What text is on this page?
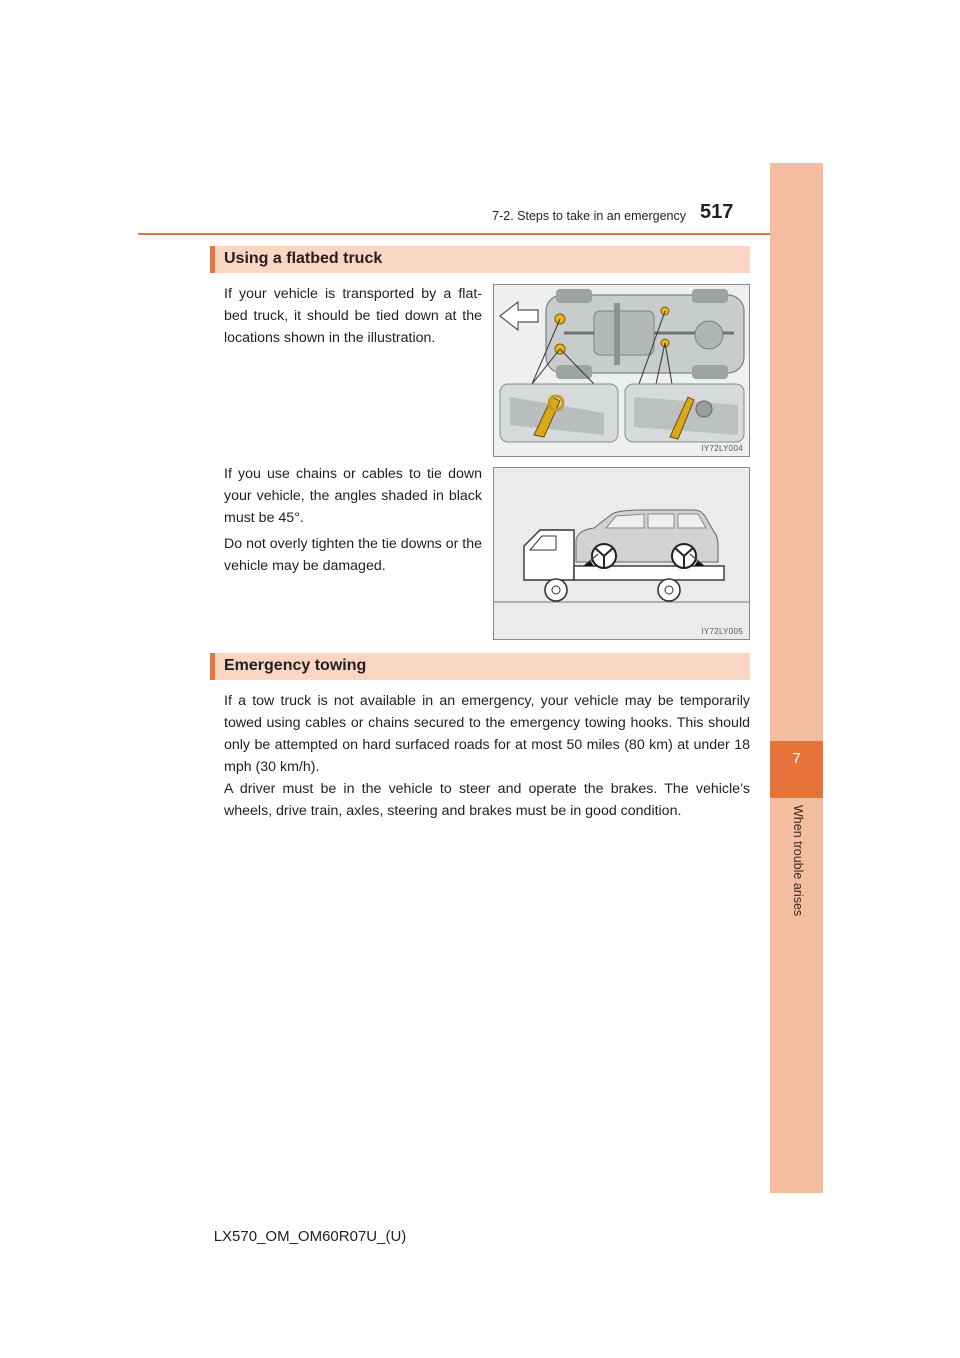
7-2. Steps to take in an emergency 517
7
When trouble arises
Using a flatbed truck

If your vehicle is transported by a flat-bed truck, it should be tied down at the locations shown in the illustration.

IY72LY004

If you use chains or cables to tie down your vehicle, the angles shaded in black must be 45°.

Do not overly tighten the tie downs or the vehicle may be damaged.

IY72LY005
Emergency towing

If a tow truck is not available in an emergency, your vehicle may be temporarily towed using cables or chains secured to the emergency towing hooks. This should only be attempted on hard surfaced roads for at most 50 miles (80 km) at under 18 mph (30 km/h).

A driver must be in the vehicle to steer and operate the brakes. The vehicle’s wheels, drive train, axles, steering and brakes must be in good condition.

LX570_OM_OM60R07U_(U)
